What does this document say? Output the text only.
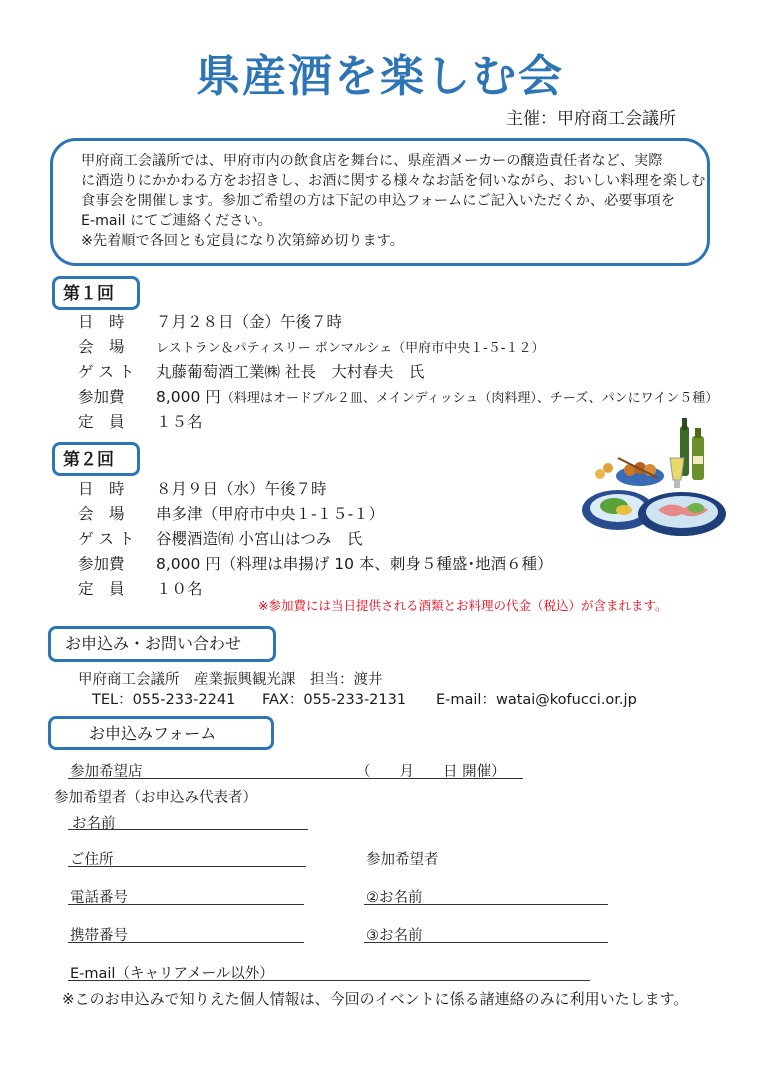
県産酒を楽しむ会
主催：甲府商工会議所

甲府商工会議所では、甲府市内の飲食店を舞台に、県産酒メーカーの醸造責任者など、実際

に酒造りにかかわる方をお招きし、お酒に関する様々なお話を伺いながら、おいしい料理を楽しむ

食事会を開催します。参加ご希望の方は下記の申込フォームにご記入いただくか、必要事項を

E-mail にてご連絡ください。

※先着順で各回とも定員になり次第締め切ります。

第１回
日　時 ７月２８日（金）午後７時
会　場 レストラン＆パティスリー ボンマルシェ（甲府市中央１-５-１２）
ゲ ス ト 丸藤葡萄酒工業㈱ 社長　大村春夫　氏
参加費 8,000 円（料理はオードブル２皿、メインディッシュ（肉料理）、チーズ、パンにワイン５種）
定　員 １５名
第２回
日　時 ８月９日（水）午後７時
会　場 串多津（甲府市中央１-１５-１）
ゲ ス ト 谷櫻酒造㈲ 小宮山はつみ　氏
参加費 8,000 円（料理は串揚げ 10 本、刺身５種盛･地酒６種）
定　員 １０名
※参加費には当日提供される酒類とお料理の代金（税込）が含まれます。
お申込み・お問い合わせ
甲府商工会議所　産業振興観光課　担当：渡井
TEL：055-233-2241 FAX：055-233-2131 E-mail：watai@kofucci.or.jp
お申込みフォーム
参加希望店	（　　月　　日 開催）
参加希望者（お申込み代表者）
お名前
ご住所	参加希望者
電話番号	②お名前
携帯番号	③お名前
E-mail（キャリアメール以外）
※このお申込みで知りえた個人情報は、今回のイベントに係る諸連絡のみに利用いたします。
